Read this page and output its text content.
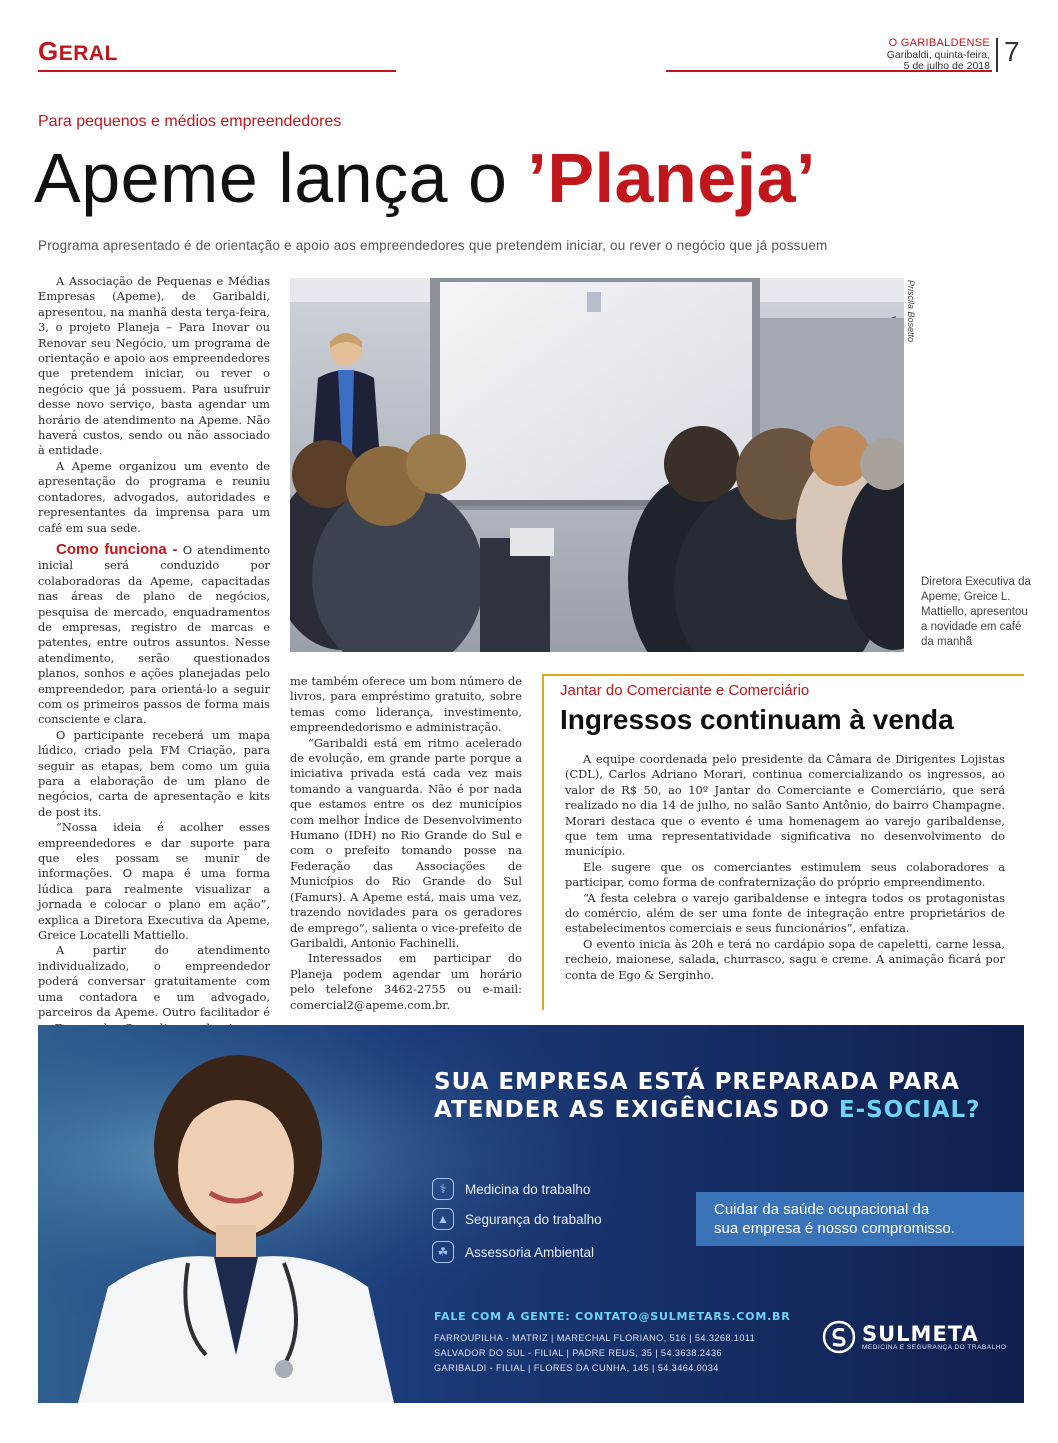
GERAL	O GARIBALDENSE
Garibaldi, quinta-feira,
5 de julho de 2018 7
Para pequenos e médios empreendedores
Apeme lança o ’Planeja’
Programa apresentado é de orientação e apoio aos empreendedores que pretendem iniciar, ou rever o negócio que já possuem

A Associação de Pequenas e Médias Empresas (Apeme), de Garibaldi, apresentou, na manhã desta terça-feira, 3, o projeto Planeja – Para Inovar ou Renovar seu Negócio, um programa de orientação e apoio aos empreendedores que pretendem iniciar, ou rever o negócio que já possuem. Para usufruir desse novo serviço, basta agendar um horário de atendimento na Apeme. Não haverá custos, sendo ou não associado à entidade.

A Apeme organizou um evento de apresentação do programa e reuniu contadores, advogados, autoridades e representantes da imprensa para um café em sua sede.

Como funciona - O atendimento inicial será conduzido por colaboradoras da Apeme, capacitadas nas áreas de plano de negócios, pesquisa de mercado, enquadramentos de empresas, registro de marcas e patentes, entre outros assuntos. Nesse atendimento, serão questionados planos, sonhos e ações planejadas pelo empreendedor, para orientá-lo a seguir com os primeiros passos de forma mais consciente e clara.

O participante receberá um mapa lúdico, criado pela FM Criação, para seguir as etapas, bem como um guia para a elaboração de um plano de negócios, carta de apresentação e kits de post its.

“Nossa ideia é acolher esses empreendedores e dar suporte para que eles possam se munir de informações. O mapa é uma forma lúdica para realmente visualizar a jornada e colocar o plano em ação”, explica a Diretora Executiva da Apeme, Greice Locatelli Mattiello.

A partir do atendimento individualizado, o empreendedor poderá conversar gratuitamente com uma contadora e um advogado, parceiros da Apeme. Outro facilitador é

Priscila Bosetto
Diretora Executiva da Apeme, Greice L. Mattiello, apresentou a novidade em café da manhã

me também oferece um bom número de livros, para empréstimo gratuito, sobre temas como liderança, investimento, empreendedorismo e administração.

“Garibaldi está em ritmo acelerado de evolução, em grande parte porque a iniciativa privada está cada vez mais tomando a vanguarda. Não é por nada que estamos entre os dez municípios com melhor Índice de Desenvolvimento Humano (IDH) no Rio Grande do Sul e com o prefeito tomando posse na Federação das Associações de Municípios do Rio Grande do Sul (Famurs). A Apeme está, mais uma vez, trazendo novidades para os geradores de emprego”, salienta o vice-prefeito de Garibaldi, Antonio Fachinelli.

Interessados em participar do Planeja podem agendar um horário pelo telefone 3462-2755 ou e-mail: comercial2@apeme.com.br.

Jantar do Comerciante e Comerciário
Ingressos continuam à venda

A equipe coordenada pelo presidente da Câmara de Dirigentes Lojistas (CDL), Carlos Adriano Morari, continua comercializando os ingressos, ao valor de R$ 50, ao 10º Jantar do Comerciante e Comerciário, que será realizado no dia 14 de julho, no salão Santo Antônio, do bairro Champagne. Morari destaca que o evento é uma homenagem ao varejo garibaldense, que tem uma representatividade significativa no desenvolvimento do município.

Ele sugere que os comerciantes estimulem seus colaboradores a participar, como forma de confraternização do próprio empreendimento.

“A festa celebra o varejo garibaldense e integra todos os protagonistas do comércio, além de ser uma fonte de integração entre proprietários de estabelecimentos comerciais e seus funcionários”, enfatiza.

O evento inicia às 20h e terá no cardápio sopa de capeletti, carne lessa, recheio, maionese, salada, churrasco, sagu e creme. A animação ficará por conta de Ego & Serginho.

SUA EMPRESA ESTÁ PREPARADA PARA
ATENDER AS EXIGÊNCIAS DO E-SOCIAL?
⚕	Medicina do trabalho
▲	Segurança do trabalho
☘	Assessoria Ambiental
Cuidar da saúde ocupacional da
sua empresa é nosso compromisso.
FALE COM A GENTE: CONTATO@SULMETARS.COM.BR
FARROUPILHA - MATRIZ | MARECHAL FLORIANO, 516 | 54.3268.1011
SALVADOR DO SUL - FILIAL | PADRE REUS, 35 | 54.3638.2436
GARIBALDI - FILIAL | FLORES DA CUNHA, 145 | 54.3464.0034
SULMETA
MEDICINA E SEGURANÇA DO TRABALHO
